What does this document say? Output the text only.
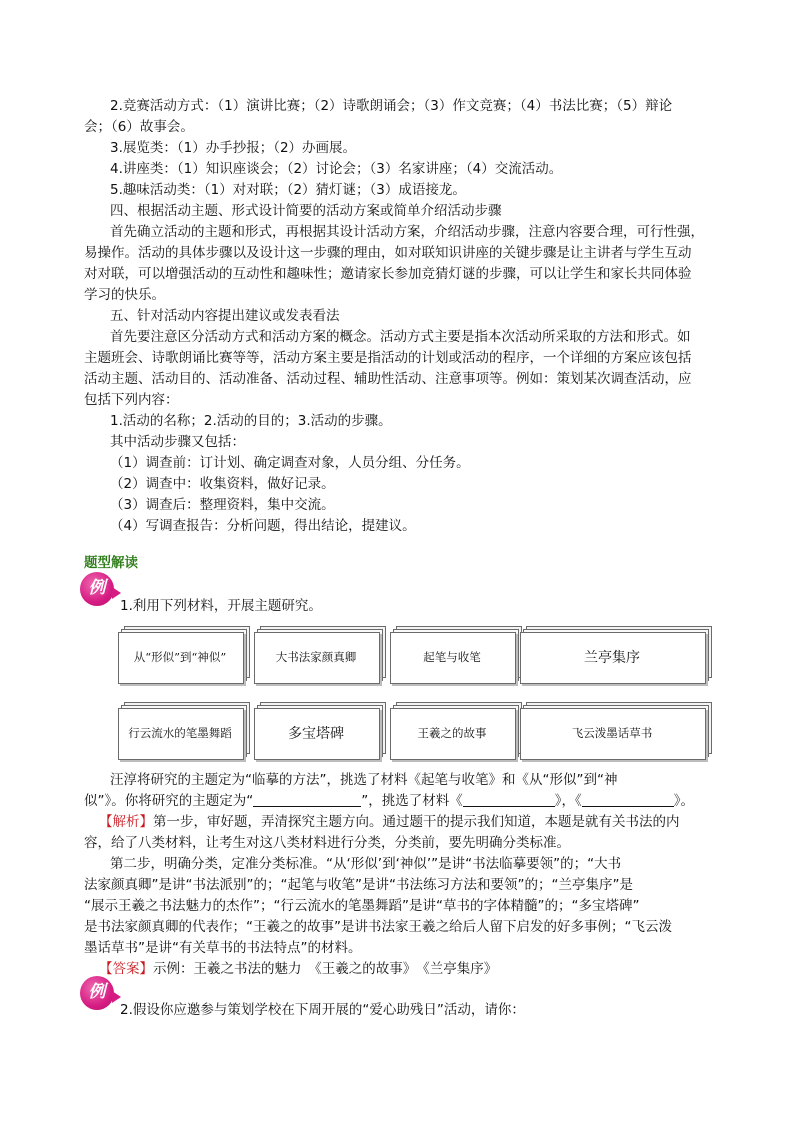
2.竞赛活动方式：（1）演讲比赛；（2）诗歌朗诵会；（3）作文竞赛；（4）书法比赛；（5）辩论
会；（6）故事会。
3.展览类：（1）办手抄报；（2）办画展。
4.讲座类：（1）知识座谈会；（2）讨论会；（3）名家讲座；（4）交流活动。
5.趣味活动类：（1）对对联；（2）猜灯谜；（3）成语接龙。
四、根据活动主题、形式设计简要的活动方案或简单介绍活动步骤
首先确立活动的主题和形式，再根据其设计活动方案，介绍活动步骤，注意内容要合理，可行性强，
易操作。活动的具体步骤以及设计这一步骤的理由，如对联知识讲座的关键步骤是让主讲者与学生互动
对对联，可以增强活动的互动性和趣味性；邀请家长参加竞猜灯谜的步骤，可以让学生和家长共同体验
学习的快乐。
五、针对活动内容提出建议或发表看法
首先要注意区分活动方式和活动方案的概念。活动方式主要是指本次活动所采取的方法和形式。如
主题班会、诗歌朗诵比赛等等，活动方案主要是指活动的计划或活动的程序，一个详细的方案应该包括
活动主题、活动目的、活动准备、活动过程、辅助性活动、注意事项等。例如：策划某次调查活动，应
包括下列内容：
1.活动的名称；2.活动的目的；3.活动的步骤。
其中活动步骤又包括：
（1）调查前：订计划、确定调查对象，人员分组、分任务。
（2）调查中：收集资料，做好记录。
（3）调查后：整理资料，集中交流。
（4）写调查报告：分析问题，得出结论，提建议。
题型解读
例
1.利用下列材料，开展主题研究。
从“形似”到“神似”	大书法家颜真卿	起笔与收笔	兰亭集序
行云流水的笔墨舞蹈	多宝塔碑	王羲之的故事	飞云泼墨话草书
汪淳将研究的主题定为“临摹的方法”，挑选了材料《起笔与收笔》和《从“形似”到“神
似”》。你将研究的主题定为“	”，挑选了材料《	》，《	》。
【解析】第一步，审好题，弄清探究主题方向。通过题干的提示我们知道，本题是就有关书法的内
容，给了八类材料，让考生对这八类材料进行分类，分类前，要先明确分类标准。
第二步，明确分类，定准分类标准。“从‘形似’到‘神似’”是讲“书法临摹要领”的；“大书
法家颜真卿”是讲“书法派别”的；“起笔与收笔”是讲“书法练习方法和要领”的；“兰亭集序”是
“展示王羲之书法魅力的杰作”；“行云流水的笔墨舞蹈”是讲“草书的字体精髓”的；“多宝塔碑”
是书法家颜真卿的代表作；“王羲之的故事”是讲书法家王羲之给后人留下启发的好多事例；“飞云泼
墨话草书”是讲“有关草书的书法特点”的材料。
【答案】示例：王羲之书法的魅力　《王羲之的故事》　《兰亭集序》
例
2.假设你应邀参与策划学校在下周开展的“爱心助残日”活动，请你：
